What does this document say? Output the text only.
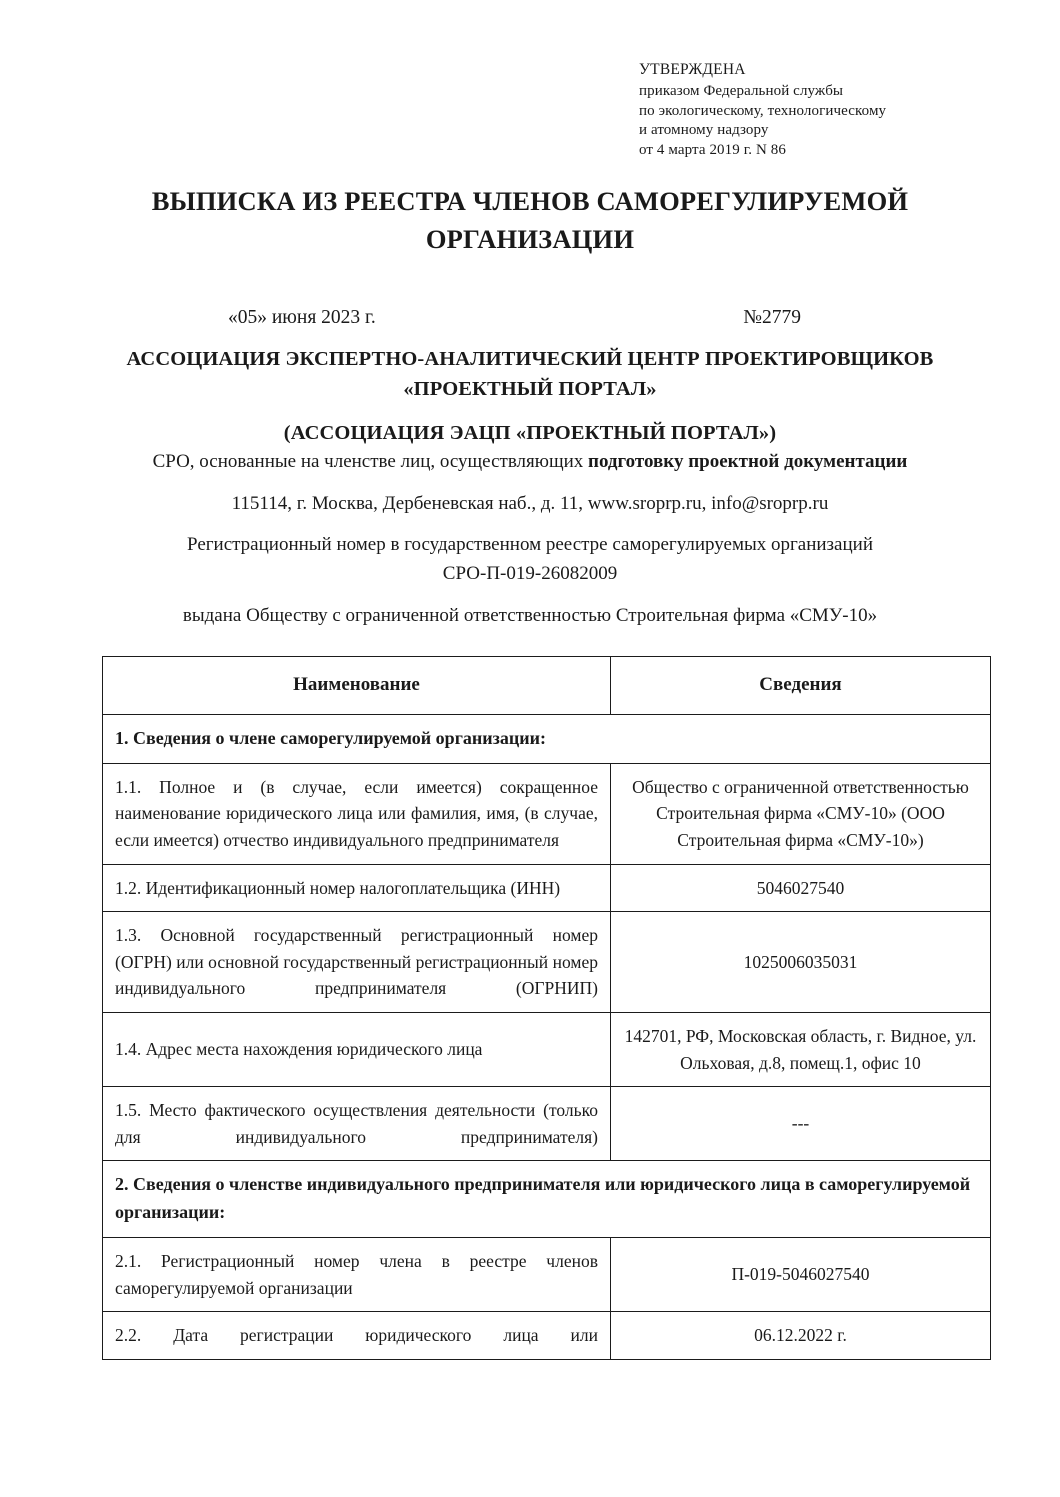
УТВЕРЖДЕНА
приказом Федеральной службы
по экологическому, технологическому
и атомному надзору
от 4 марта 2019 г. N 86
ВЫПИСКА ИЗ РЕЕСТРА ЧЛЕНОВ САМОРЕГУЛИРУЕМОЙ ОРГАНИЗАЦИИ
«05» июня 2023 г.	№2779
АССОЦИАЦИЯ ЭКСПЕРТНО-АНАЛИТИЧЕСКИЙ ЦЕНТР ПРОЕКТИРОВЩИКОВ «ПРОЕКТНЫЙ ПОРТАЛ»
(АССОЦИАЦИЯ ЭАЦП «ПРОЕКТНЫЙ ПОРТАЛ»)
СРО, основанные на членстве лиц, осуществляющих подготовку проектной документации
115114, г. Москва, Дербеневская наб., д. 11, www.sroprp.ru, info@sroprp.ru
Регистрационный номер в государственном реестре саморегулируемых организаций
СРО-П-019-26082009
выдана Обществу с ограниченной ответственностью Строительная фирма «СМУ-10»
Наименование	Сведения
1. Сведения о члене саморегулируемой организации:	
1.1. Полное и (в случае, если имеется) сокращенное наименование юридического лица или фамилия, имя, (в случае, если имеется) отчество индивидуального предпринимателя	Общество с ограниченной ответственностью Строительная фирма «СМУ-10» (ООО Строительная фирма «СМУ-10»)
1.2. Идентификационный номер налогоплательщика (ИНН)	5046027540
1.3. Основной государственный регистрационный номер (ОГРН) или основной государственный регистрационный номер индивидуального предпринимателя (ОГРНИП)	1025006035031
1.4. Адрес места нахождения юридического лица	142701, РФ, Московская область, г. Видное, ул. Ольховая, д.8, помещ.1, офис 10
1.5. Место фактического осуществления деятельности (только для индивидуального предпринимателя)	---
2. Сведения о членстве индивидуального предпринимателя или юридического лица в саморегулируемой организации:	
2.1. Регистрационный номер члена в реестре членов саморегулируемой организации	П-019-5046027540
2.2. Дата регистрации юридического лица или	06.12.2022 г.
